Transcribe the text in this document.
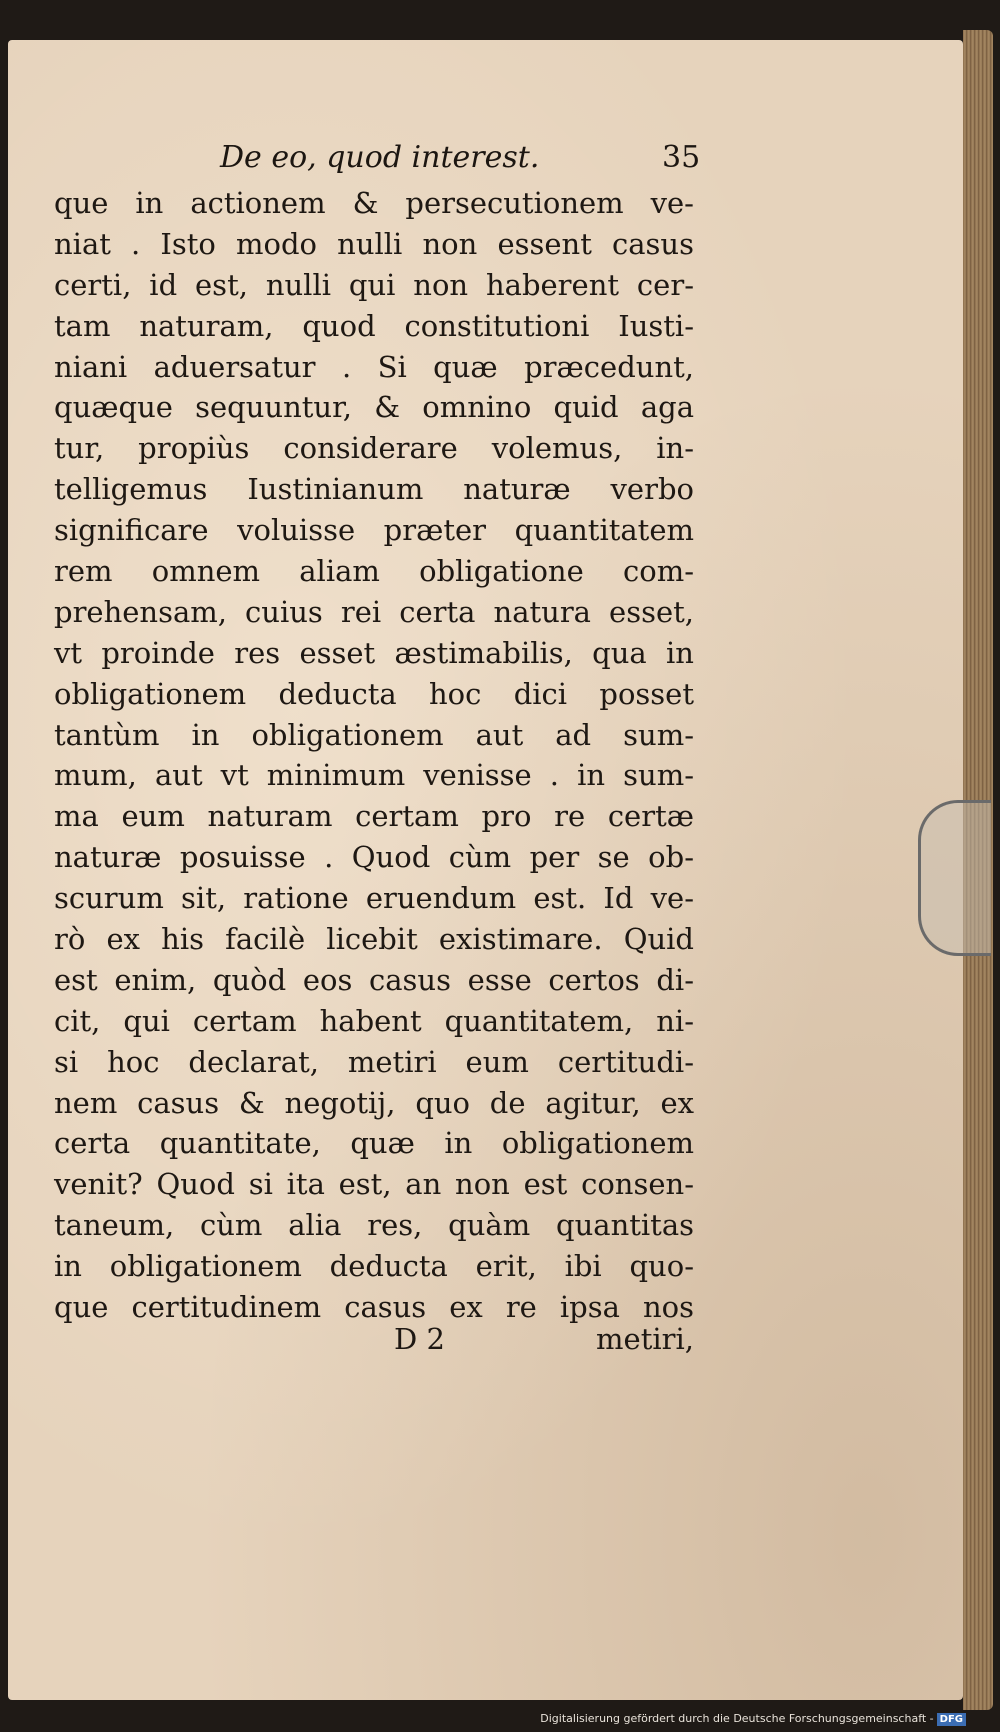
De eo, quod interest.	35
que in actionem & persecutionem ve-
niat . Isto modo nulli non essent casus
certi, id est, nulli qui non haberent cer-
tam naturam, quod constitutioni Iusti-
niani aduersatur . Si quæ præcedunt,
quæque sequuntur, & omnino quid aga
tur, propiùs considerare volemus, in-
telligemus Iustinianum naturæ verbo
significare voluisse præter quantitatem
rem omnem aliam obligatione com-
prehensam, cuius rei certa natura esset,
vt proinde res esset æstimabilis, qua in
obligationem deducta hoc dici posset
tantùm in obligationem aut ad sum-
mum, aut vt minimum venisse . in sum-
ma eum naturam certam pro re certæ
naturæ posuisse . Quod cùm per se ob-
scurum sit, ratione eruendum est. Id ve-
rò ex his facilè licebit existimare. Quid
est enim, quòd eos casus esse certos di-
cit, qui certam habent quantitatem, ni-
si hoc declarat, metiri eum certitudi-
nem casus & negotij, quo de agitur, ex
certa quantitate, quæ in obligationem
venit? Quod si ita est, an non est consen-
taneum, cùm alia res, quàm quantitas
in obligationem deducta erit, ibi quo-
que certitudinem casus ex re ipsa nos
D 2	metiri,
Digitalisierung gefördert durch die Deutsche Forschungsgemeinschaft - DFG
